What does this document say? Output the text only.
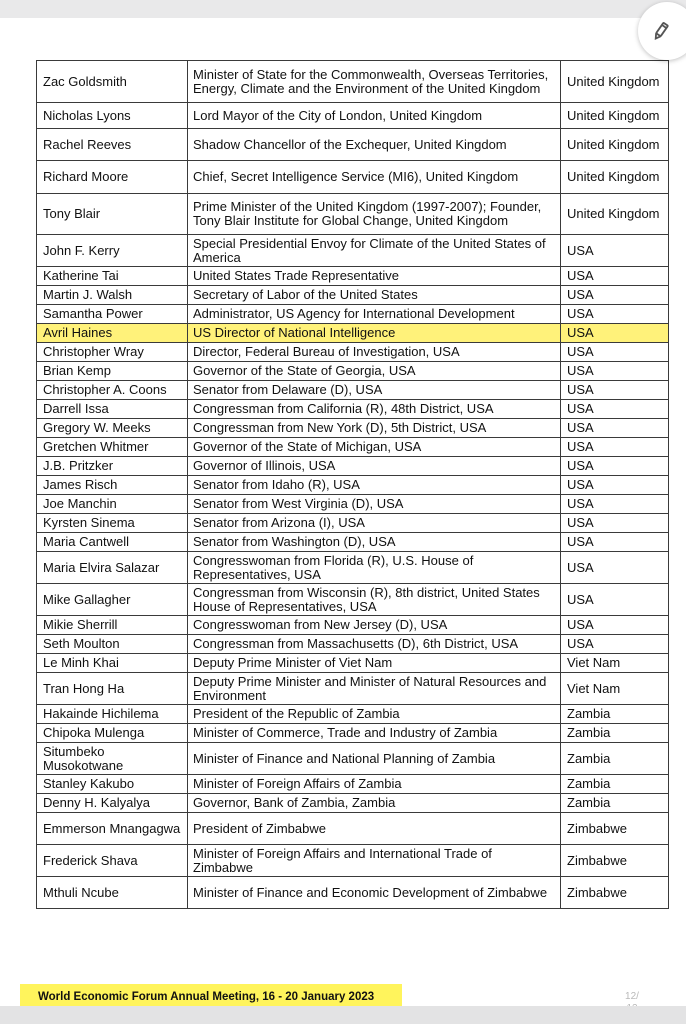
Zac Goldsmith	Minister of State for the Commonwealth, Overseas Territories, Energy, Climate and the Environment of the United Kingdom	United Kingdom
Nicholas Lyons	Lord Mayor of the City of London, United Kingdom	United Kingdom
Rachel Reeves	Shadow Chancellor of the Exchequer, United Kingdom	United Kingdom
Richard Moore	Chief, Secret Intelligence Service (MI6), United Kingdom	United Kingdom
Tony Blair	Prime Minister of the United Kingdom (1997-2007); Founder, Tony Blair Institute for Global Change, United Kingdom	United Kingdom
John F. Kerry	Special Presidential Envoy for Climate of the United States of America	USA
Katherine Tai	United States Trade Representative	USA
Martin J. Walsh	Secretary of Labor of the United States	USA
Samantha Power	Administrator, US Agency for International Development	USA
Avril Haines	US Director of National Intelligence	USA
Christopher Wray	Director, Federal Bureau of Investigation, USA	USA
Brian Kemp	Governor of the State of Georgia, USA	USA
Christopher A. Coons	Senator from Delaware (D), USA	USA
Darrell Issa	Congressman from California (R), 48th District, USA	USA
Gregory W. Meeks	Congressman from New York (D), 5th District, USA	USA
Gretchen Whitmer	Governor of the State of Michigan, USA	USA
J.B. Pritzker	Governor of Illinois, USA	USA
James Risch	Senator from Idaho (R), USA	USA
Joe Manchin	Senator from West Virginia (D), USA	USA
Kyrsten Sinema	Senator from Arizona (I), USA	USA
Maria Cantwell	Senator from Washington (D), USA	USA
Maria Elvira Salazar	Congresswoman from Florida (R), U.S. House of Representatives, USA	USA
Mike Gallagher	Congressman from Wisconsin (R), 8th district, United States House of Representatives, USA	USA
Mikie Sherrill	Congresswoman from New Jersey (D), USA	USA
Seth Moulton	Congressman from Massachusetts (D), 6th District, USA	USA
Le Minh Khai	Deputy Prime Minister of Viet Nam	Viet Nam
Tran Hong Ha	Deputy Prime Minister and Minister of Natural Resources and Environment	Viet Nam
Hakainde Hichilema	President of the Republic of Zambia	Zambia
Chipoka Mulenga	Minister of Commerce, Trade and Industry of Zambia	Zambia
Situmbeko Musokotwane	Minister of Finance and National Planning of Zambia	Zambia
Stanley Kakubo	Minister of Foreign Affairs of Zambia	Zambia
Denny H. Kalyalya	Governor, Bank of Zambia, Zambia	Zambia
Emmerson Mnangagwa	President of Zimbabwe	Zimbabwe
Frederick Shava	Minister of Foreign Affairs and International Trade of Zimbabwe	Zimbabwe
Mthuli Ncube	Minister of Finance and Economic Development of Zimbabwe	Zimbabwe
World Economic Forum Annual Meeting, 16 - 20 January 2023	12/
